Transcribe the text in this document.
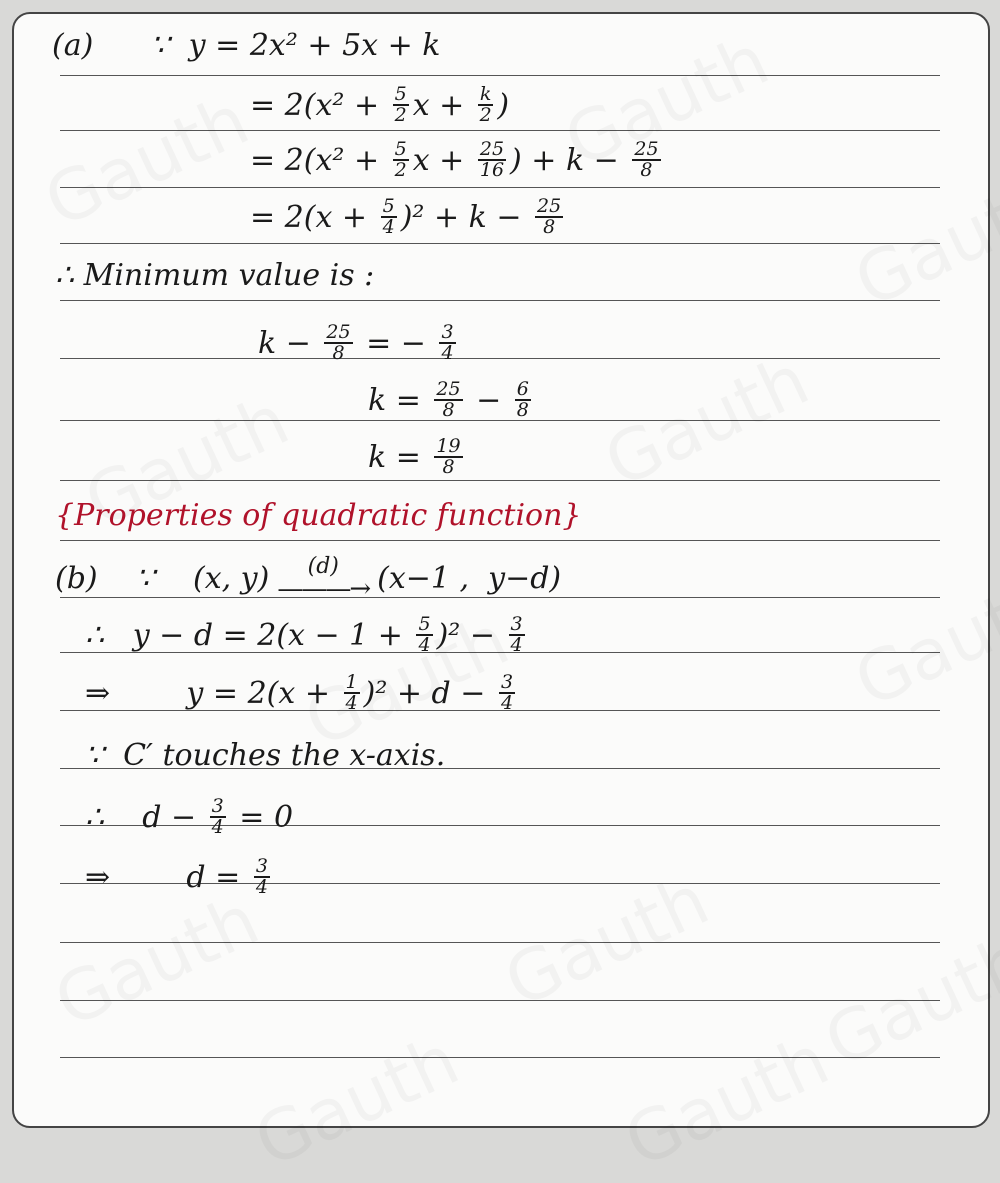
(a) ∵  y = 2x² + 5x + k
= $2(x^2 + \frac{5}{2}$ $x + \frac{k}{2}$ )
= $2(x^2 + \frac{5}{2}$ $x + \frac{25}{16}$ ) + $k - \frac{25}{8}$
= $2(x + \frac{5}{4} )^2 + k - \frac{25}{8}$
∴ Minimum value is :
$k - \frac{25}{8}$ = − $\frac{3}{4}$
$k = \frac{25}{8} - \frac{6}{8}$
$k = \frac{19}{8}$
{Properties of quadratic function}
(b)    ∵    (x, y) (d)
———→ (x−1 ,  y−d)
∴   $y - d = 2(x - 1 + \frac{5}{4} )^2 - \frac{3}{4}$
⇒        $y = 2(x + \frac{1}{4} )^2 + d - \frac{3}{4}$
∵  C′ touches the x-axis.
∴    $d - \frac{3}{4} = 0$
⇒        $d = \frac{3}{4}$
